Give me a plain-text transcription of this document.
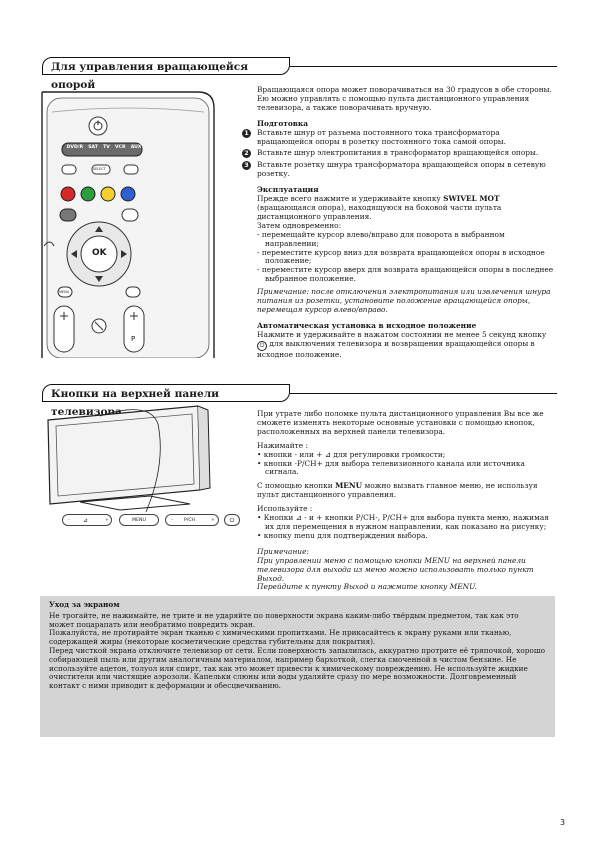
Для управления вращающейся опорой
DVD/R SAT TV VCR AUX
SELECT
OK
MENU
P

Вращающаяся опора может поворачиваться на 30 градусов в обе стороны. Ею можно управлять с помощью пульта дистанционного управления телевизора, а также поворачивать вручную.

Подготовка

1	Вставьте шнур от разъема постоянного тока трансформатора вращающейся опоры в розетку постоянного тока самой опоры.

2	Вставьте шнур электропитания в трансформатор вращающейся опоры.

3	Вставьте розетку шнура трансформатора вращающейся опоры в сетевую розетку.

Эксплуатация

Прежде всего нажмите и удерживайте кнопку SWIVEL MOT (вращающаяся опора), находящуюся на боковой части пульта дистанционного управления.

Затем одновременно:

- перемещайте курсор влево/вправо для поворота в выбранном направлении;

- переместите курсор вниз для возврата вращающейся опоры в исходное положение;

- переместите курсор вверх для возврата вращающейся опоры в последнее выбранное положение.

Примечание: после отключения электропитания или извлечения шнура питания из розетки, установите положение вращающейся опоры, перемещая курсор влево/вправо.

Автоматическая установка в исходное положение

Нажмите и удерживайте в нажатом состоянии не менее 5 секунд кнопку
⏻ для выключения телевизора и возвращения вращающейся опоры в исходное положение.

Кнопки на верхней панели телевизора
- ⊿	+	MENU	- P/CH	+	⏻

При утрате либо поломке пульта дистанционного управления Вы все же сможете изменять некоторые основные установки с помощью кнопок, расположенных на верхней панели телевизора.

Нажимайте :

• кнопки - или + ⊿ для регулировки громкости;

• кнопки -P/CH+ для выбора телевизионного канала или источника сигнала.

С помощью кнопки MENU можно вызвать главное меню, не используя пульт дистанционного управления.

Используйте :

• Кнопки ⊿ - и + кнопки P/CH-, P/CH+ для выбора пункта меню, нажимая их для перемещения в нужном направлении, как показано на рисунку;

• кнопку menu для подтверждения выбора.

Примечание:

При управлении меню с помощью кнопки MENU на верхней панели телевизора для выхода из меню можно использовать только пункт Выход.

Перейдите к пункту Выход и нажмите кнопку MENU.

Уход за экраном

Не трогайте, не нажимайте, не трите и не ударяйте по поверхности экрана каким-либо твёрдым предметом, так как это может поцарапать или необратимо повредить экран.

Пожалуйста, не протирайте экран тканью с химическими пропитками. Не прикасайтесь к экрану руками или тканью, содержащей жиры (некоторые косметические средства губительны для покрытия).

Перед чисткой экрана отключите телевизор от сети. Если поверхность запылилась, аккуратно протрите её тряпочкой, хорошо собирающей пыль или другим аналогичным материалом, например бархоткой, слегка смоченной в чистом бензине. Не используйте ацетон, толуол или спирт, так как это может привести к химическому повреждению. Не используйте жидкие очистители или чистящие аэрозоли. Капельки слюны или воды удаляйте сразу по мере возможности. Долговременный контакт с ними приводит к деформации и обесцвечиванию.

3
